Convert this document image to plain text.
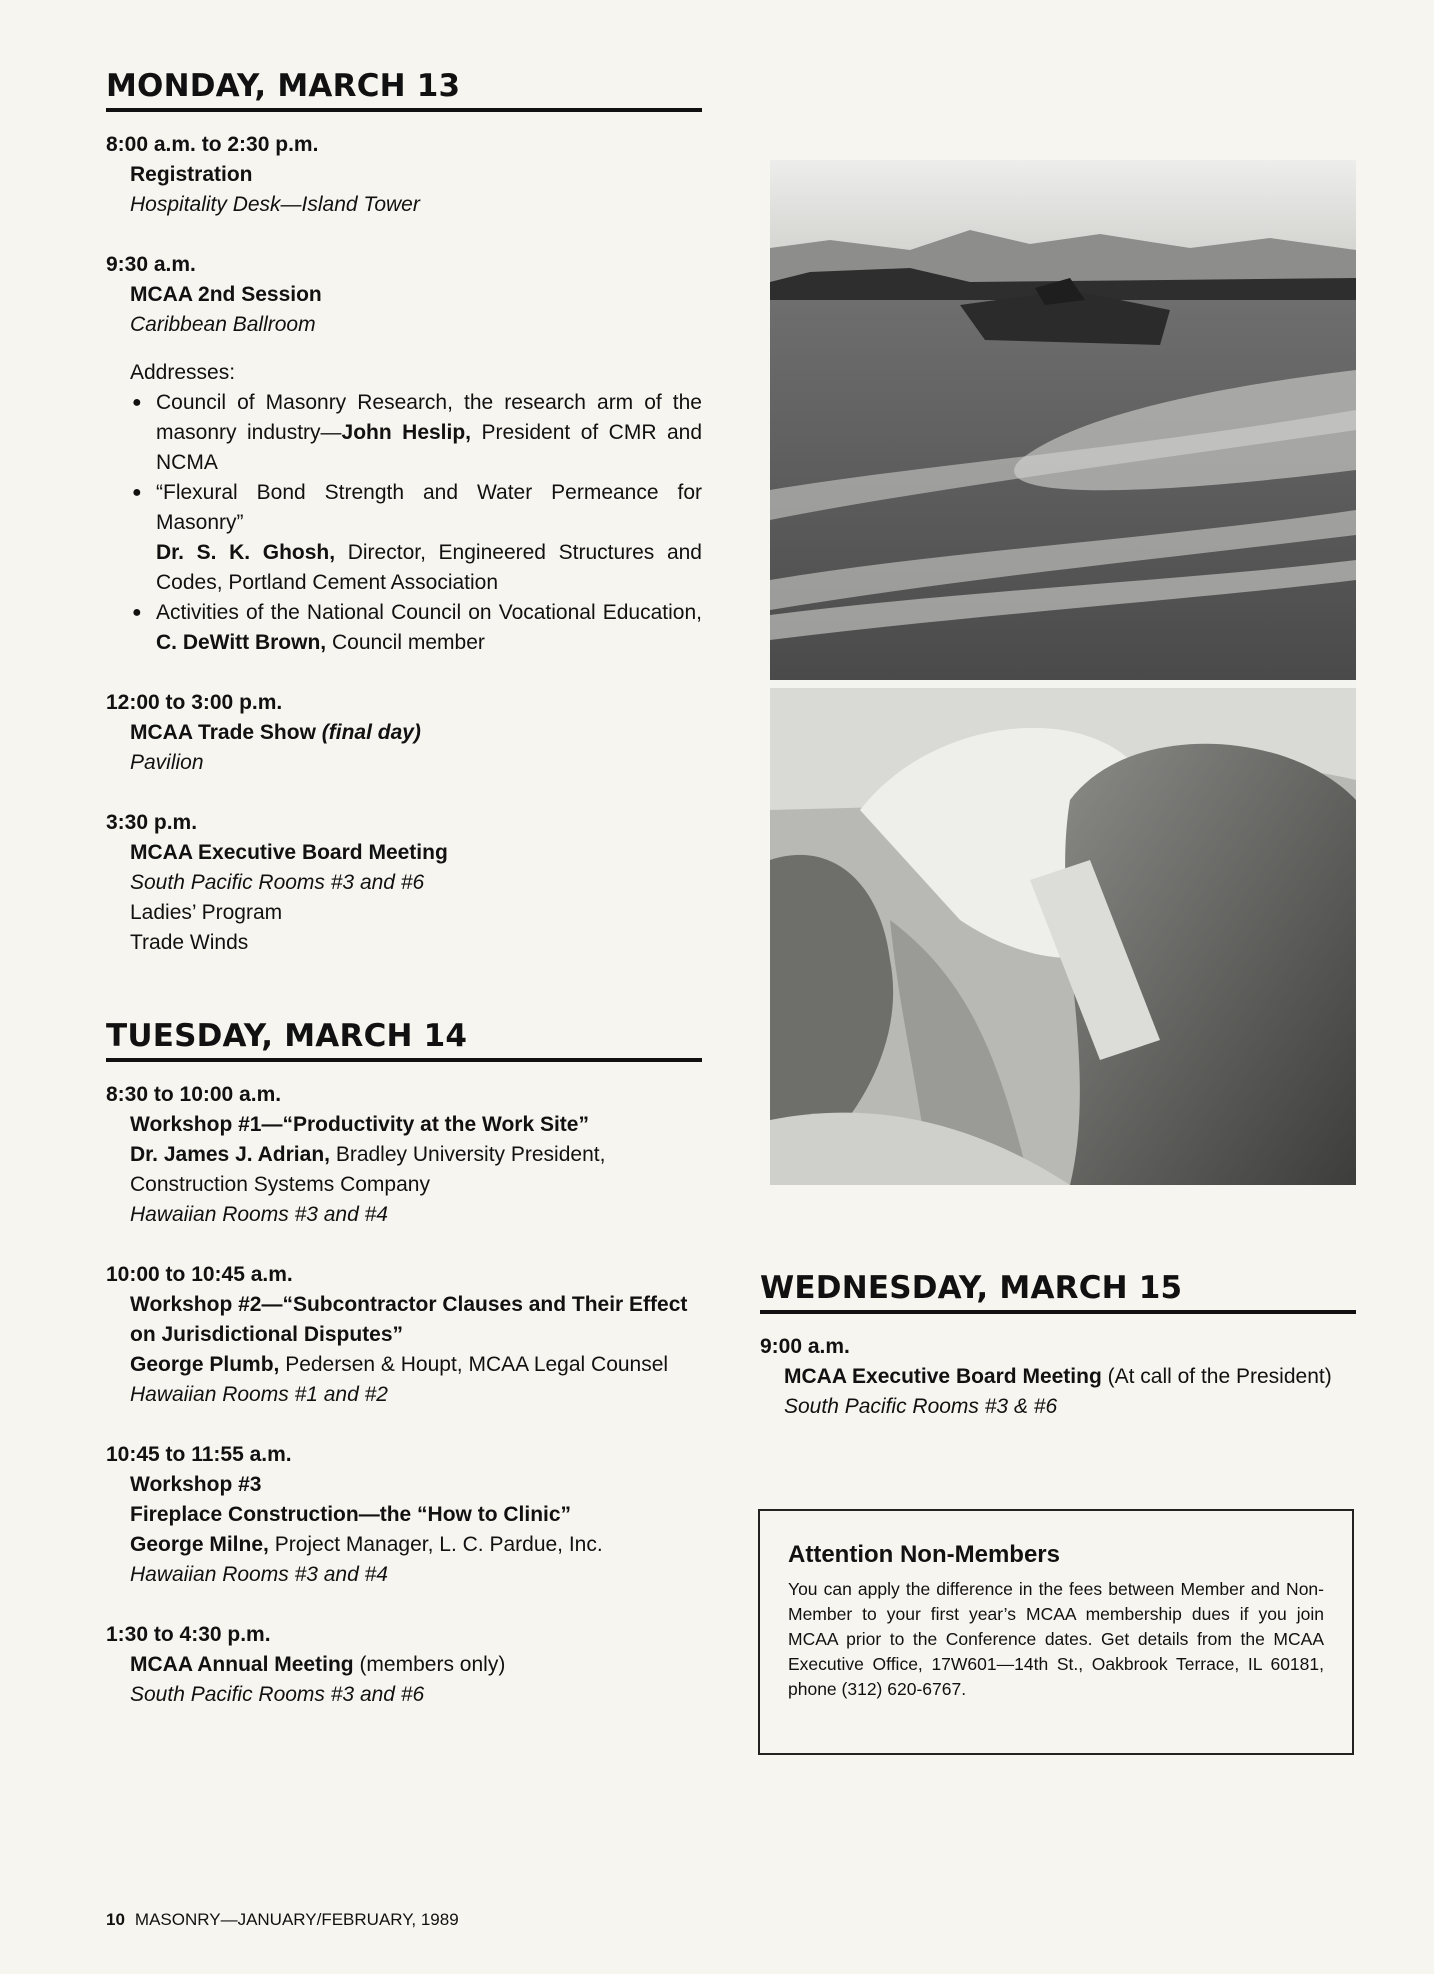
MONDAY, MARCH 13
8:00 a.m. to 2:30 p.m.
Registration
Hospitality Desk—Island Tower
9:30 a.m.
MCAA 2nd Session
Caribbean Ballroom
Addresses:
● Council of Masonry Research, the research arm of the masonry industry—John Heslip, President of CMR and NCMA
● “Flexural Bond Strength and Water Permeance for Masonry”
Dr. S. K. Ghosh, Director, Engineered Structures and Codes, Portland Cement Association
● Activities of the National Council on Vocational Education, C. DeWitt Brown, Council member
12:00 to 3:00 p.m.
MCAA Trade Show (final day)
Pavilion
3:30 p.m.
MCAA Executive Board Meeting
South Pacific Rooms #3 and #6
Ladies’ Program
Trade Winds
TUESDAY, MARCH 14
8:30 to 10:00 a.m.
Workshop #1—“Productivity at the Work Site”
Dr. James J. Adrian, Bradley University President, Construction Systems Company
Hawaiian Rooms #3 and #4
10:00 to 10:45 a.m.
Workshop #2—“Subcontractor Clauses and Their Effect on Jurisdictional Disputes”
George Plumb, Pedersen & Houpt, MCAA Legal Counsel
Hawaiian Rooms #1 and #2
10:45 to 11:55 a.m.
Workshop #3
Fireplace Construction—the “How to Clinic”
George Milne, Project Manager, L. C. Pardue, Inc.
Hawaiian Rooms #3 and #4
1:30 to 4:30 p.m.
MCAA Annual Meeting (members only)
South Pacific Rooms #3 and #6
WEDNESDAY, MARCH 15
9:00 a.m.
MCAA Executive Board Meeting (At call of the President)
South Pacific Rooms #3 & #6
Attention Non-Members

You can apply the difference in the fees between Member and Non-Member to your first year’s MCAA membership dues if you join MCAA prior to the Conference dates. Get details from the MCAA Executive Office, 17W601—14th St., Oakbrook Terrace, IL 60181, phone (312) 620-6767.

10 MASONRY—JANUARY/FEBRUARY, 1989
